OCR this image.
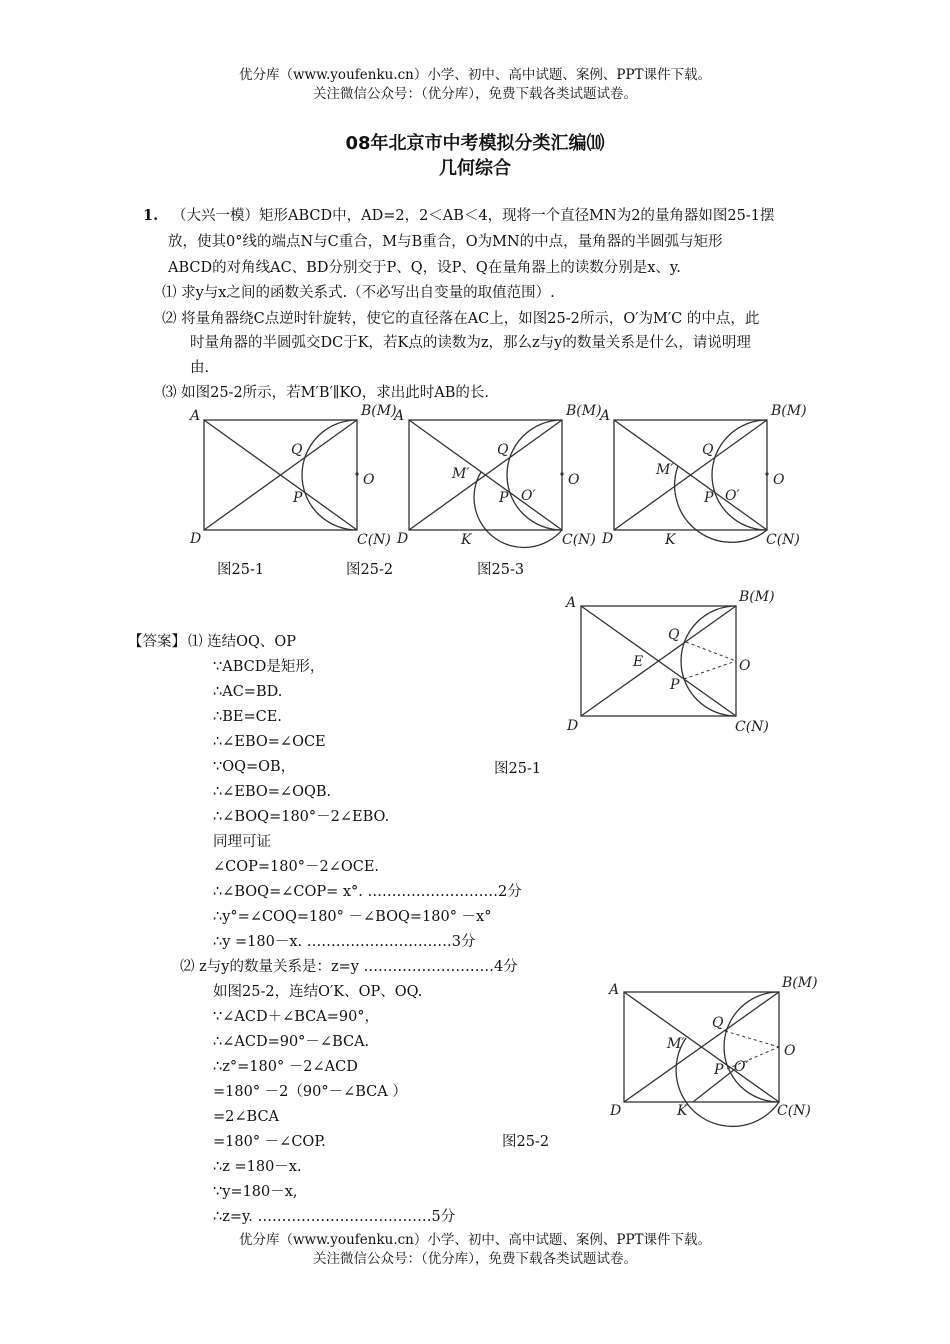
优分库（www.youfenku.cn）小学、初中、高中试题、案例、PPT课件下载。
关注微信公众号：（优分库），免费下载各类试题试卷。
08年北京市中考模拟分类汇编⑽
几何综合
1. （大兴一模）矩形ABCD中，AD=2，2＜AB＜4，现将一个直径MN为2的量角器如图25-1摆
放，使其0°线的端点N与C重合，M与B重合，O为MN的中点，量角器的半圆弧与矩形
ABCD的对角线AC、BD分别交于P、Q，设P、Q在量角器上的读数分别是x、y.
⑴ 求y与x之间的函数关系式.（不必写出自变量的取值范围）.
⑵ 将量角器绕C点逆时针旋转，使它的直径落在AC上，如图25-2所示，O′为M′C 的中点，此
时量角器的半圆弧交DC于K，若K点的读数为z，那么z与y的数量关系是什么，请说明理
由.
⑶ 如图25-2所示，若M′B′∥KO，求出此时AB的长.
A	B(M)
D	C(N)
Q
P
O
A	B(M)
D	C(N)
Q
P
O
M′
O′
K
A	B(M)
D	C(N)
Q
P
O
M′
O′
K
图25-1	图25-2	图25-3
A	B(M)
D	C(N)
Q
P
E	O
A	B(M)
D	C(N)
Q
P
O
M′
O′
K
图25-1
图25-2
【答案】 ⑴ 连结OQ、OP
∵ABCD是矩形，
∴AC=BD.
∴BE=CE.
∴∠EBO=∠OCE
∵OQ=OB，
∴∠EBO=∠OQB.
∴∠BOQ=180°－2∠EBO.
同理可证
∠COP=180°－2∠OCE.
∴∠BOQ=∠COP= x°. ………………………2分
∴y°=∠COQ=180° －∠BOQ=180° －x°
∴y =180－x. …………………………3分
⑵ z与y的数量关系是：z=y ………………………4分
如图25-2，连结O′K、OP、OQ.
∵∠ACD＋∠BCA=90°，
∴∠ACD=90°－∠BCA.
∴z°=180° －2∠ACD
=180° －2（90°－∠BCA ）
=2∠BCA
=180° －∠COP.
∴z =180－x.
∵y=180－x,
∴z=y. ………………………………5分
优分库（www.youfenku.cn）小学、初中、高中试题、案例、PPT课件下载。
关注微信公众号：（优分库），免费下载各类试题试卷。
